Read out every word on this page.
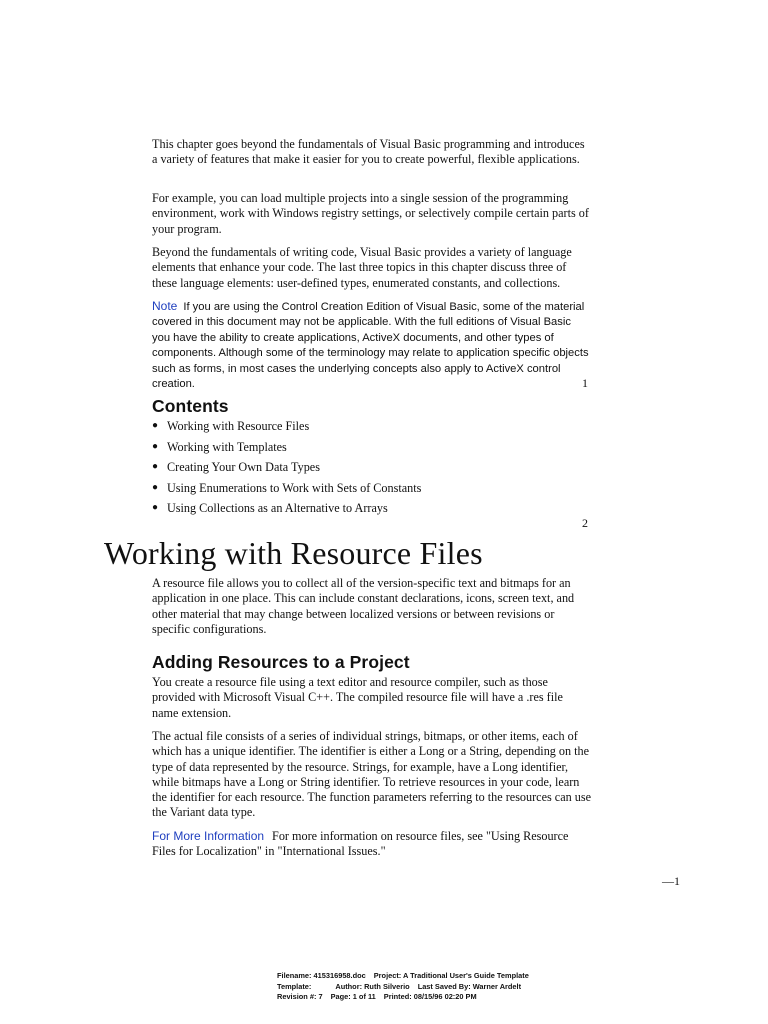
This chapter goes beyond the fundamentals of Visual Basic programming and introduces a variety of features that make it easier for you to create powerful, flexible applications.

For example, you can load multiple projects into a single session of the programming environment, work with Windows registry settings, or selectively compile certain parts of your program.

Beyond the fundamentals of writing code, Visual Basic provides a variety of language elements that enhance your code. The last three topics in this chapter discuss three of these language elements: user-defined types, enumerated constants, and collections.

Note If you are using the Control Creation Edition of Visual Basic, some of the material covered in this document may not be applicable. With the full editions of Visual Basic you have the ability to create applications, ActiveX documents, and other types of components. Although some of the terminology may relate to application specific objects such as forms, in most cases the underlying concepts also apply to ActiveX control creation.	1
Contents
● Working with Resource Files
● Working with Templates
● Creating Your Own Data Types
● Using Enumerations to Work with Sets of Constants
● Using Collections as an Alternative to Arrays
2
Working with Resource Files

A resource file allows you to collect all of the version-specific text and bitmaps for an application in one place. This can include constant declarations, icons, screen text, and other material that may change between localized versions or between revisions or specific configurations.

Adding Resources to a Project

You create a resource file using a text editor and resource compiler, such as those provided with Microsoft Visual C++. The compiled resource file will have a .res file name extension.

The actual file consists of a series of individual strings, bitmaps, or other items, each of which has a unique identifier. The identifier is either a Long or a String, depending on the type of data represented by the resource. Strings, for example, have a Long identifier, while bitmaps have a Long or String identifier. To retrieve resources in your code, learn the identifier for each resource. The function parameters referring to the resources can use the Variant data type.

For More Information For more information on resource files, see "Using Resource Files for Localization" in "International Issues."

—1
Filename: 415316958.doc Project: A Traditional User's Guide Template
Template:	Author: Ruth Silverio Last Saved By: Warner Ardelt
Revision #: 7 Page: 1 of 11 Printed: 08/15/96 02:20 PM
